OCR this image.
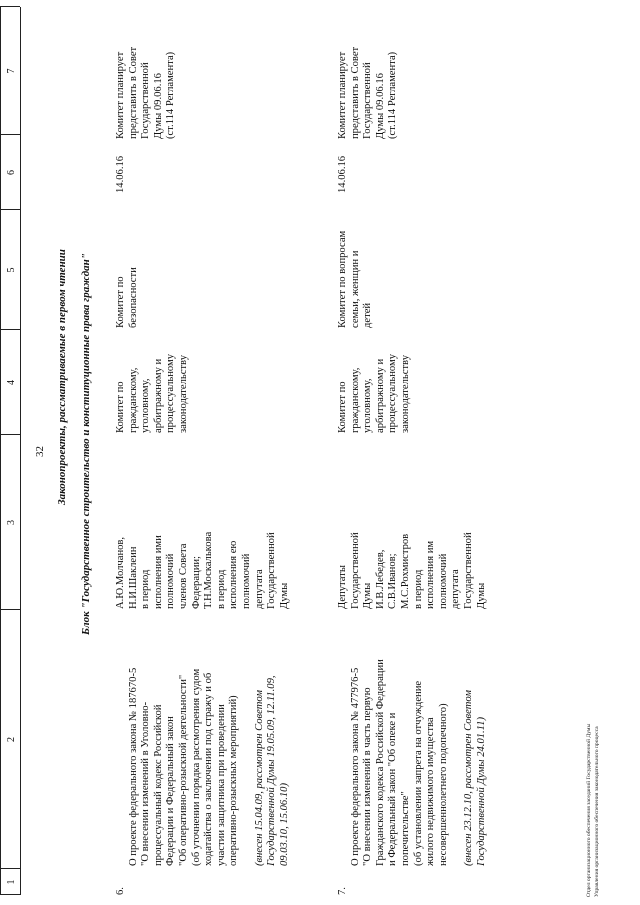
32
1
2
3
4
5
6
7
Законопроекты, рассматриваемые в первом чтении Блок "Государственное строительство и конституционные права граждан"
6.

О проекте федерального закона № 187670-5
"О внесении изменений в Уголовно-
процессуальный кодекс Российской
Федерации и Федеральный закон
"Об оперативно-розыскной деятельности"
(об уточнении порядка рассмотрения судом
ходатайства о заключении под стражу и об
участии защитника при проведении
оперативно-розыскных мероприятий)

(внесен 15.04.09, рассмотрен Советом
Государственной Думы 19.05.09, 12.11.09,
09.03.10, 15.06.10)

А.Ю.Молчанов,
Н.И.Шаклеин
в период
исполнения ими
полномочий
членов Совета
Федерации;
Т.Н.Москалькова
в период
исполнения ею
полномочий
депутата
Государственной
Думы
Комитет по
гражданскому,
уголовному,
арбитражному и
процессуальному
законодательству
Комитет по
безопасности
14.06.16
Комитет планирует
представить в Совет
Государственной
Думы 09.06.16
(ст.114 Регламента)
7.

О проекте федерального закона № 477976-5
"О внесении изменений в часть первую
Гражданского кодекса Российской Федерации
и Федеральный закон "Об опеке и
попечительстве"
(об установлении запрета на отчуждение
жилого недвижимого имущества
несовершеннолетнего подопечного)

(внесен 23.12.10, рассмотрен Советом
Государственной Думы 24.01.11)

Депутаты
Государственной
Думы
И.В.Лебедев,
С.В.Иванов;
М.С.Рохмистров
в период
исполнения им
полномочий
депутата
Государственной
Думы
Комитет по
гражданскому,
уголовному,
арбитражному и
процессуальному
законодательству
Комитет по вопросам
семьи, женщин и
детей
14.06.16
Комитет планирует
представить в Совет
Государственной
Думы 09.06.16
(ст.114 Регламента)
Отдел организационного обеспечения заседаний Государственной Думы Управления организационного обеспечения законодательного процесса
